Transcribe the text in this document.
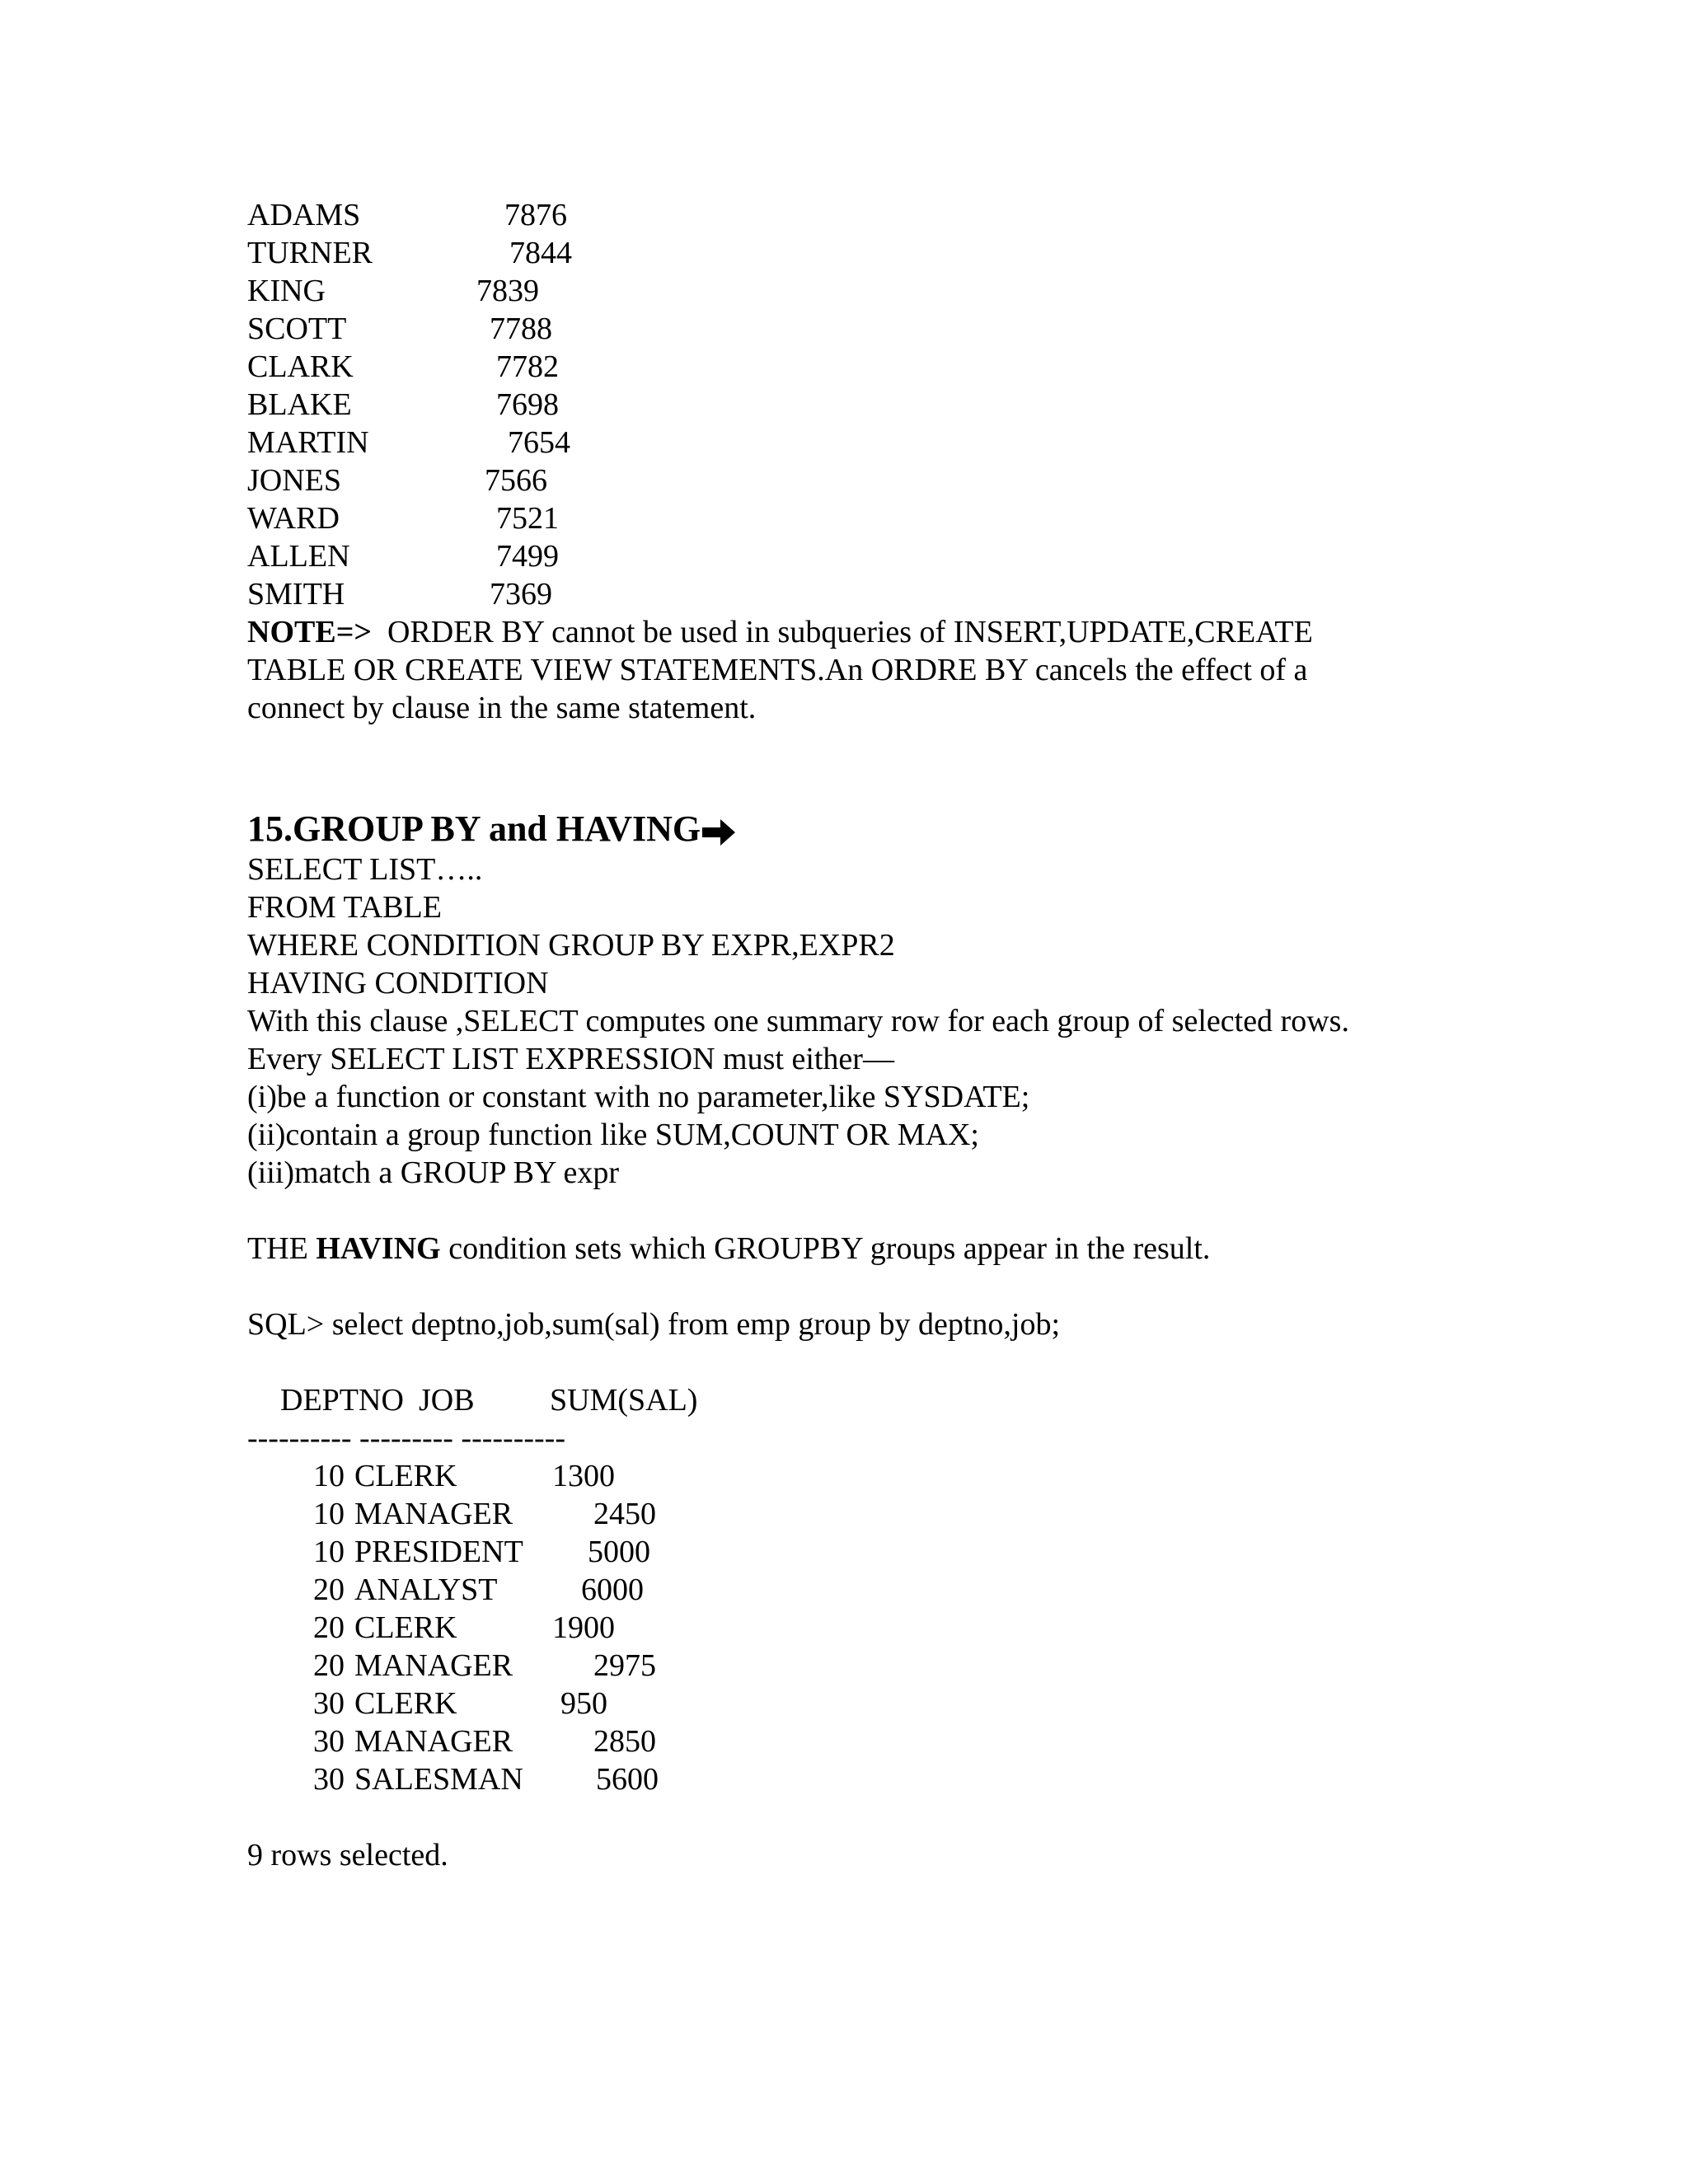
ADAMS	7876
TURNER	7844
KING	7839
SCOTT	7788
CLARK	7782
BLAKE	7698
MARTIN	7654
JONES	7566
WARD	7521
ALLEN	7499
SMITH	7369
NOTE=>  ORDER BY cannot be used in subqueries of INSERT,UPDATE,CREATE
TABLE OR CREATE VIEW STATEMENTS.An ORDRE BY cancels the effect of a
connect by clause in the same statement.
15.GROUP BY and HAVING
SELECT LIST…..
FROM TABLE
WHERE CONDITION GROUP BY EXPR,EXPR2
HAVING CONDITION
With this clause ,SELECT computes one summary row for each group of selected rows.
Every SELECT LIST EXPRESSION must either—
(i)be a function or constant with no parameter,like SYSDATE;
(ii)contain a group function like SUM,COUNT OR MAX;
(iii)match a GROUP BY expr
THE HAVING condition sets which GROUPBY groups appear in the result.
SQL> select deptno,job,sum(sal) from emp group by deptno,job;
DEPTNO JOB SUM(SAL)
---------- --------- ----------
10 CLERK	1300
10 MANAGER	2450
10 PRESIDENT 5000
20 ANALYST	6000
20 CLERK	1900
20 MANAGER	2975
30 CLERK	950
30 MANAGER	2850
30 SALESMAN 5600
9 rows selected.
